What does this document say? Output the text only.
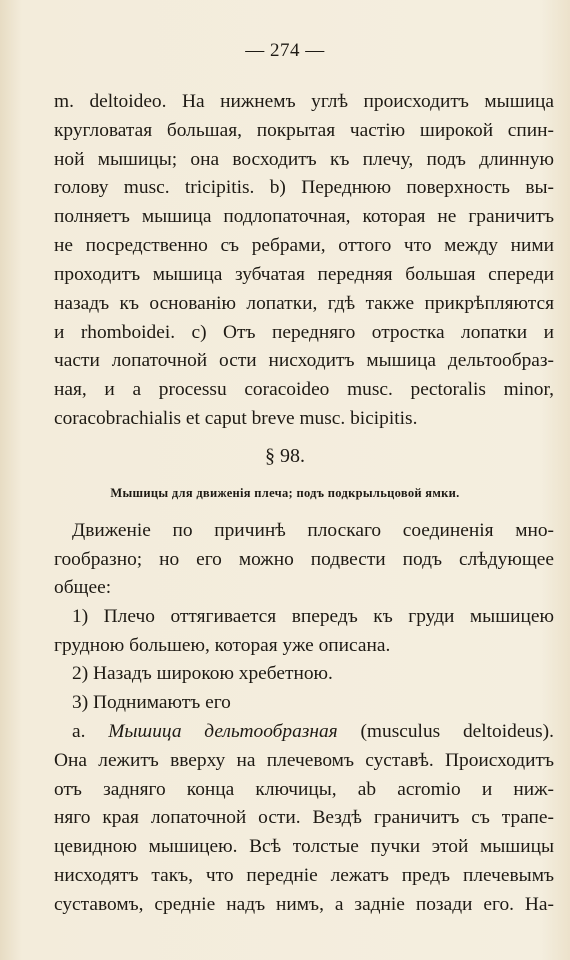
— 274 —
m. deltoideo. На нижнемъ углѣ происходитъ мышица
кругловатая большая, покрытая частію широкой спин-
ной мышицы; она восходитъ къ плечу, подъ длинную
голову musc. tricipitis. b) Переднюю поверхность вы-
полняетъ мышица подлопаточная, которая не граничитъ
не посредственно съ ребрами, оттого что между ними
проходитъ мышица зубчатая передняя большая спереди
назадъ къ основанію лопатки, гдѣ также прикрѣпляются
и rhomboidei. c) Отъ передняго отростка лопатки и
части лопаточной ости нисходитъ мышица дельтообраз-
ная, и а processu coracoideo musc. pectoralis minor,
coracobrachialis et caput breve musc. bicipitis.
§ 98.
Мышицы для движенія плеча; подъ подкрыльцовой ямки.
Движеніе по причинѣ плоскаго соединенія мно-
гообразно; но его можно подвести подъ слѣдующее
общее:
1) Плечо оттягивается впередъ къ груди мышицею
грудною большею, которая уже описана.
2) Назадъ широкою хребетною.
3) Поднимаютъ его
а. Мышица дельтообразная (musculus deltoideus).
Она лежитъ вверху на плечевомъ суставѣ. Происходитъ
отъ задняго конца ключицы, аb acromio и ниж-
няго края лопаточной ости. Вездѣ граничитъ съ трапе-
цевидною мышицею. Всѣ толстые пучки этой мышицы
нисходятъ такъ, что передніе лежатъ предъ плечевымъ
суставомъ, средніе надъ нимъ, а задніе позади его. На-
